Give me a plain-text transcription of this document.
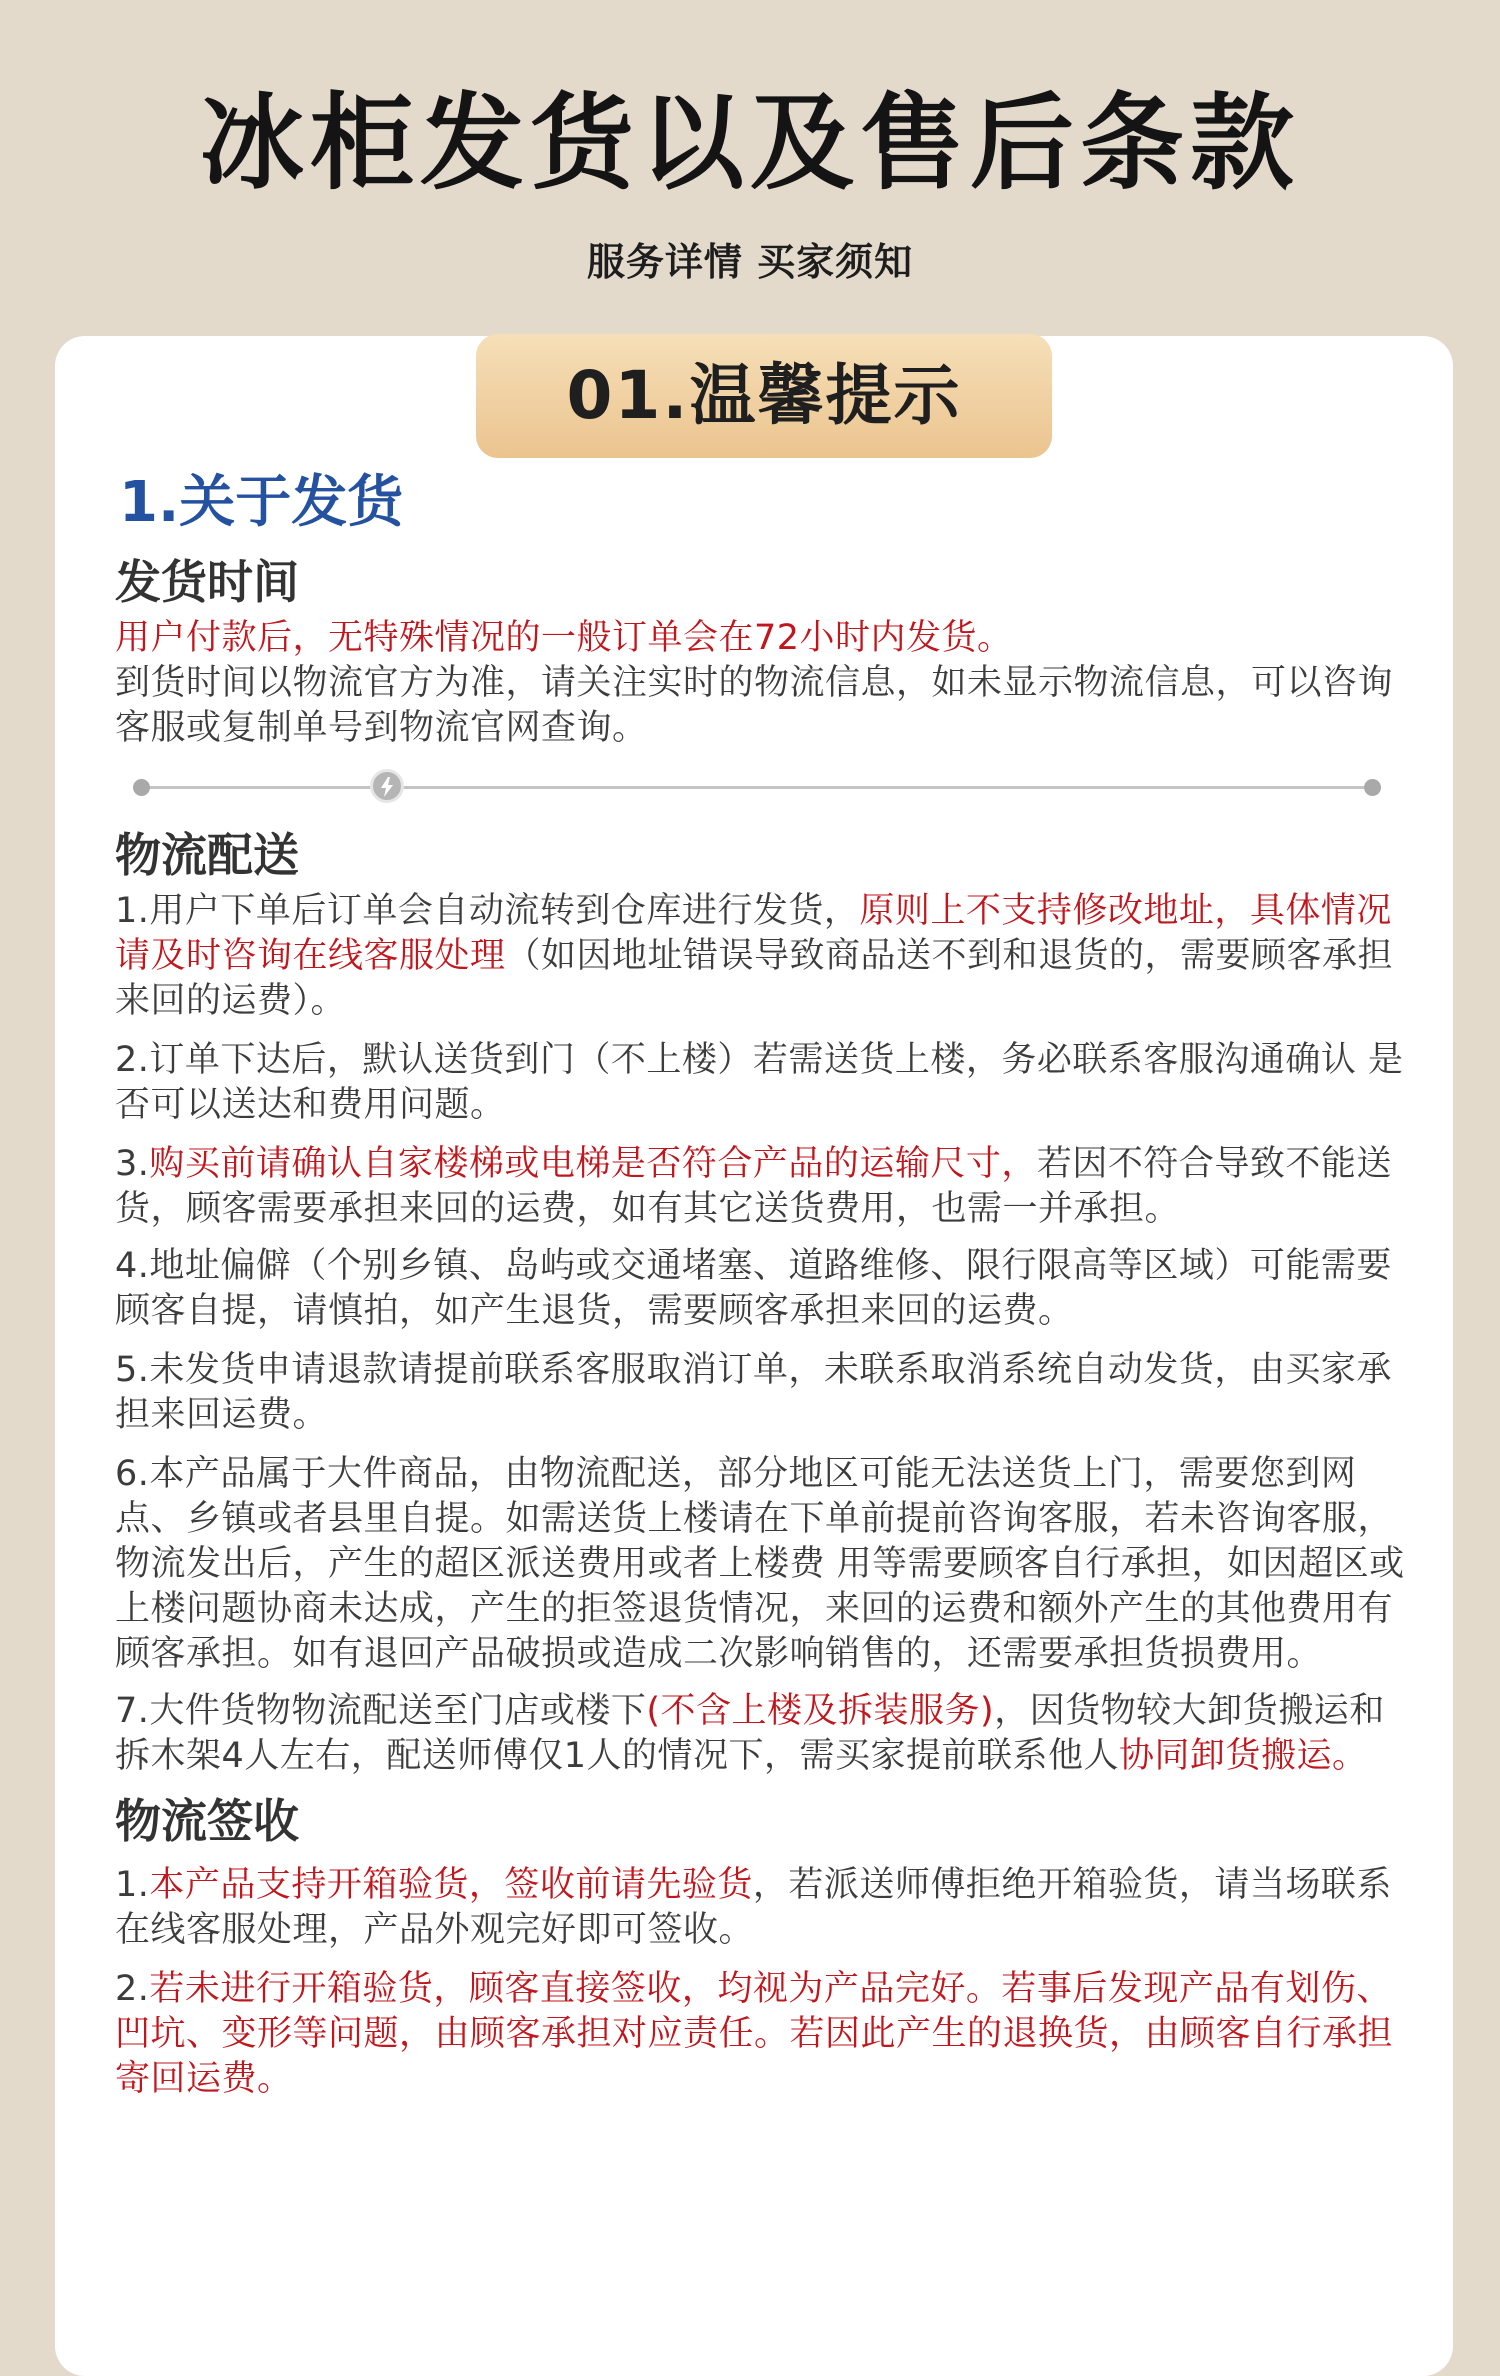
冰柜发货以及售后条款
服务详情 买家须知
01.温馨提示
1.关于发货
发货时间

用户付款后，无特殊情况的一般订单会在72小时内发货。

到货时间以物流官方为准，请关注实时的物流信息，如未显示物流信息，可以咨询客服或复制单号到物流官网查询。

物流配送

1.用户下单后订单会自动流转到仓库进行发货，原则上不支持修改地址，具体情况请及时咨询在线客服处理（如因地址错误导致商品送不到和退货的，需要顾客承担来回的运费）。

2.订单下达后，默认送货到门（不上楼）若需送货上楼，务必联系客服沟通确认 是否可以送达和费用问题。

3.购买前请确认自家楼梯或电梯是否符合产品的运输尺寸，若因不符合导致不能送货，顾客需要承担来回的运费，如有其它送货费用，也需一并承担。

4.地址偏僻（个别乡镇、岛屿或交通堵塞、道路维修、限行限高等区域）可能需要顾客自提，请慎拍，如产生退货，需要顾客承担来回的运费。

5.未发货申请退款请提前联系客服取消订单，未联系取消系统自动发货，由买家承担来回运费。

6.本产品属于大件商品，由物流配送，部分地区可能无法送货上门，需要您到网点、乡镇或者县里自提。如需送货上楼请在下单前提前咨询客服，若未咨询客服，物流发出后，产生的超区派送费用或者上楼费 用等需要顾客自行承担，如因超区或上楼问题协商未达成，产生的拒签退货情况，来回的运费和额外产生的其他费用有顾客承担。如有退回产品破损或造成二次影响销售的，还需要承担货损费用。

7.大件货物物流配送至门店或楼下(不含上楼及拆装服务)，因货物较大卸货搬运和拆木架4人左右，配送师傅仅1人的情况下，需买家提前联系他人协同卸货搬运。

物流签收

1.本产品支持开箱验货，签收前请先验货，若派送师傅拒绝开箱验货，请当场联系在线客服处理，产品外观完好即可签收。

2.若未进行开箱验货，顾客直接签收，均视为产品完好。若事后发现产品有划伤、凹坑、变形等问题，由顾客承担对应责任。若因此产生的退换货，由顾客自行承担寄回运费。
